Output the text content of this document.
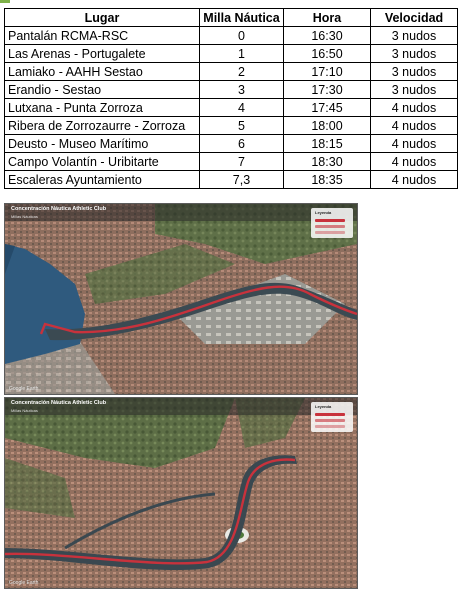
Lugar	Milla Náutica	Hora	Velocidad
Pantalán RCMA-RSC	0	16:30	3 nudos
Las Arenas - Portugalete	1	16:50	3 nudos
Lamiako - AAHH Sestao	2	17:10	3 nudos
Erandio - Sestao	3	17:30	3 nudos
Lutxana - Punta Zorroza	4	17:45	4 nudos
Ribera de Zorrozaurre - Zorroza	5	18:00	4 nudos
Deusto - Museo Marítimo	6	18:15	4 nudos
Campo Volantín - Uribitarte	7	18:30	4 nudos
Escaleras Ayuntamiento	7,3	18:35	4 nudos
Concentración Náutica Athletic Club
Millas Náuticas
Leyenda
Google Earth
Concentración Náutica Athletic Club
Millas Náuticas
Leyenda
Google Earth
